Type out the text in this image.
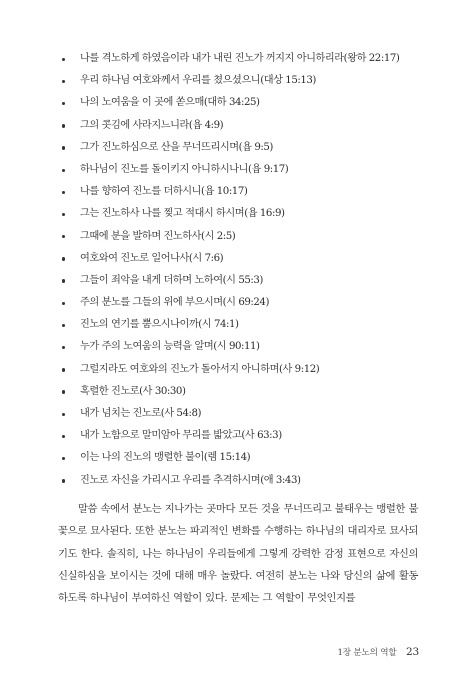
나를 격노하게 하였음이라 내가 내린 진노가 꺼지지 아니하리라(왕하 22:17)
우리 하나님 여호와께서 우리를 쳤으셨으니(대상 15:13)
나의 노여움을 이 곳에 쏟으매(대하 34:25)
그의 콧김에 사라지느니라(욥 4:9)
그가 진노하심으로 산을 무너뜨리시며(욥 9:5)
하나님이 진노를 돌이키지 아니하시나니(욥 9:17)
나를 향하여 진노를 더하시니(욥 10:17)
그는 진노하사 나를 찢고 적대시 하시며(욥 16:9)
그때에 분을 발하며 진노하사(시 2:5)
여호와여 진노로 일어나사(시 7:6)
그들이 죄악을 내게 더하며 노하여(시 55:3)
주의 분노를 그들의 위에 부으시며(시 69:24)
진노의 연기를 뿜으시나이까(시 74:1)
누가 주의 노여움의 능력을 알며(시 90:11)
그럴지라도 여호와의 진노가 돌아서지 아니하며(사 9:12)
혹렬한 진노로(사 30:30)
내가 넘치는 진노로(사 54:8)
내가 노함으로 말미암아 무리를 밟았고(사 63:3)
이는 나의 진노의 맹렬한 불이(렘 15:14)
진노로 자신을 가리시고 우리를 추격하시며(애 3:43)

말씀 속에서 분노는 지나가는 곳마다 모든 것을 무너뜨리고 불태우는 맹렬한 불꽃으로 묘사된다. 또한 분노는 파괴적인 변화를 수행하는 하나님의 대리자로 묘사되기도 한다. 솔직히, 나는 하나님이 우리들에게 그렇게 강력한 감정 표현으로 자신의 신실하심을 보이시는 것에 대해 매우 놀랐다. 여전히 분노는 나와 당신의 삶에 활동하도록 하나님이 부여하신 역할이 있다. 문제는 그 역할이 무엇인지를

1장 분노의 역할 23
